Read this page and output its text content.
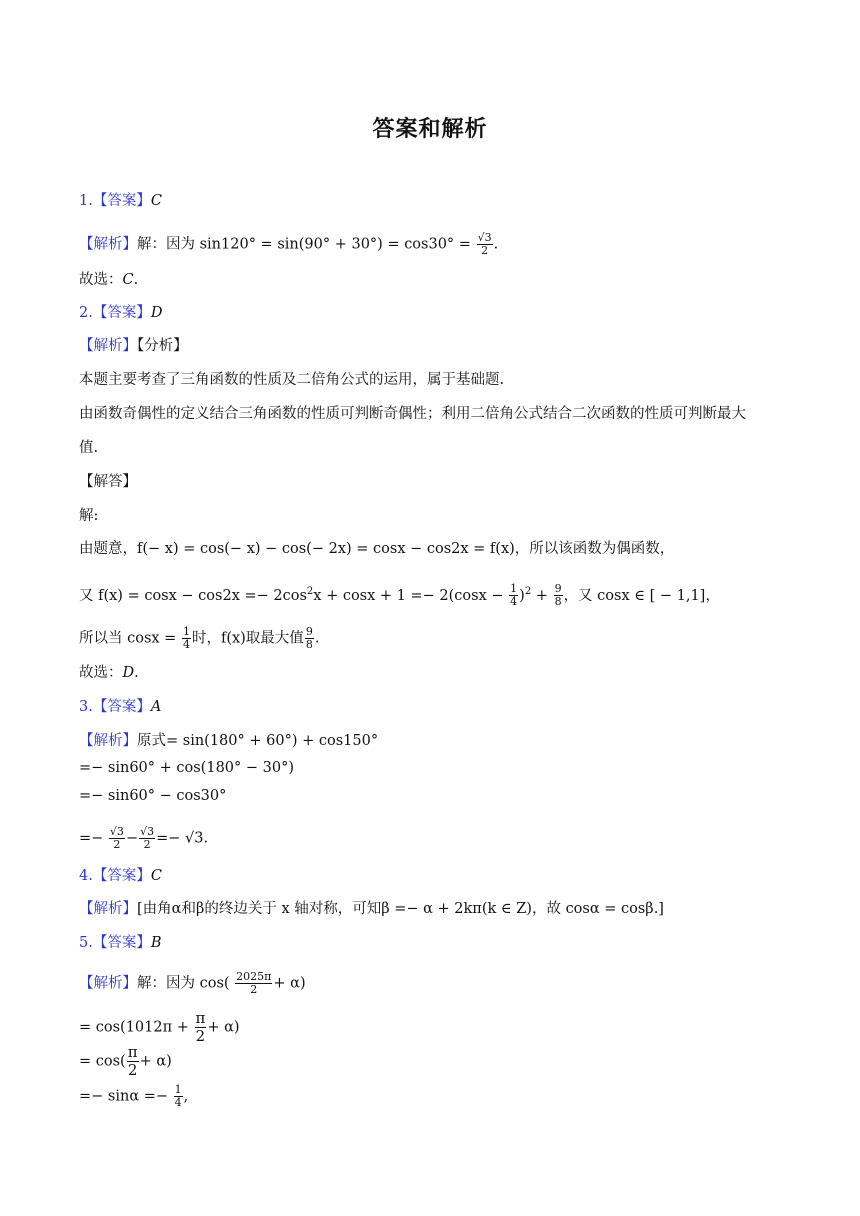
答案和解析
1.【答案】C
【解析】解：因为 $\sin 120^\circ = \sin(90^\circ + 30^\circ) = \cos 30^\circ = \frac{√3}{2}$ .
故选：C.
2.【答案】D
【解析】【分析】
本题主要考查了三角函数的性质及二倍角公式的运用，属于基础题.
由函数奇偶性的定义结合三角函数的性质可判断奇偶性；利用二倍角公式结合二次函数的性质可判断最大
值.
【解答】
解:
由题意，f(− x) = cos(− x) − cos(− 2x) = cosx − cos2x = f(x)，所以该函数为偶函数，
又 $f(x) = \cos x - \cos 2x =- 2\cos^2x + \cos x + 1 =- 2(\cos x - \frac{1}{4} )^2 + \frac{9}{8}$ ，又 cosx ∈ [ − 1,1]，
所以当 $\cos x = \frac{1}{4}$ 时，f(x)取最大值 $\frac{9}{8}$ .
故选：D.
3.【答案】A
【解析】原式= sin(180° + 60°) + cos150°
=− sin60° + cos(180° − 30°)
=− sin60° − cos30°
=− $\frac{√3}{2} - \frac{√3}{2} =- √3$.
4.【答案】C
【解析】[由角α和β的终边关于 x 轴对称，可知β =− α + 2kπ(k ∈ Z)，故 cosα = cosβ.]
5.【答案】B
【解析】解：因为 $\cos( \frac{2025\pi}{2} + \alpha)$
= $\cos(1012\pi + \frac{\pi}{2} + \alpha)$
= $\cos( \frac{\pi}{2} + \alpha)$
=− $\sin\alpha =- \frac{1}{4}$ ,
